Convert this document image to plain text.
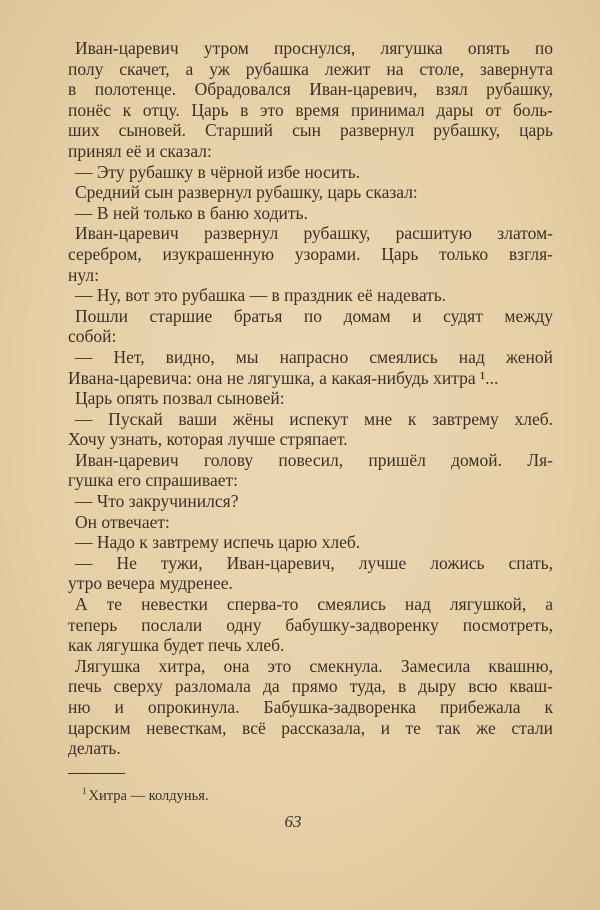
Иван-царевич утром проснулся, лягушка опять по
полу скачет, а уж рубашка лежит на столе, завернута
в полотенце. Обрадовался Иван-царевич, взял рубашку,
понёс к отцу. Царь в это время принимал дары от боль-
ших сыновей. Старший сын развернул рубашку, царь
принял её и сказал:
— Эту рубашку в чёрной избе носить.
Средний сын развернул рубашку, царь сказал:
— В ней только в баню ходить.
Иван-царевич развернул рубашку, расшитую златом-
серебром, изукрашенную узорами. Царь только взгля-
нул:
— Ну, вот это рубашка — в праздник её надевать.
Пошли старшие братья по домам и судят между
собой:
— Нет, видно, мы напрасно смеялись над женой
Ивана-царевича: она не лягушка, а какая-нибудь хитра ¹...
Царь опять позвал сыновей:
— Пускай ваши жёны испекут мне к завтрему хлеб.
Хочу узнать, которая лучше стряпает.
Иван-царевич голову повесил, пришёл домой. Ля-
гушка его спрашивает:
— Что закручинился?
Он отвечает:
— Надо к завтрему испечь царю хлеб.
— Не тужи, Иван-царевич, лучше ложись спать,
утро вечера мудренее.
А те невестки сперва-то смеялись над лягушкой, а
теперь послали одну бабушку-задворенку посмотреть,
как лягушка будет печь хлеб.
Лягушка хитра, она это смекнула. Замесила квашню,
печь сверху разломала да прямо туда, в дыру всю кваш-
ню и опрокинула. Бабушка-задворенка прибежала к
царским невесткам, всё рассказала, и те так же стали
делать.
$^1$ Хитра — колдунья.
63
